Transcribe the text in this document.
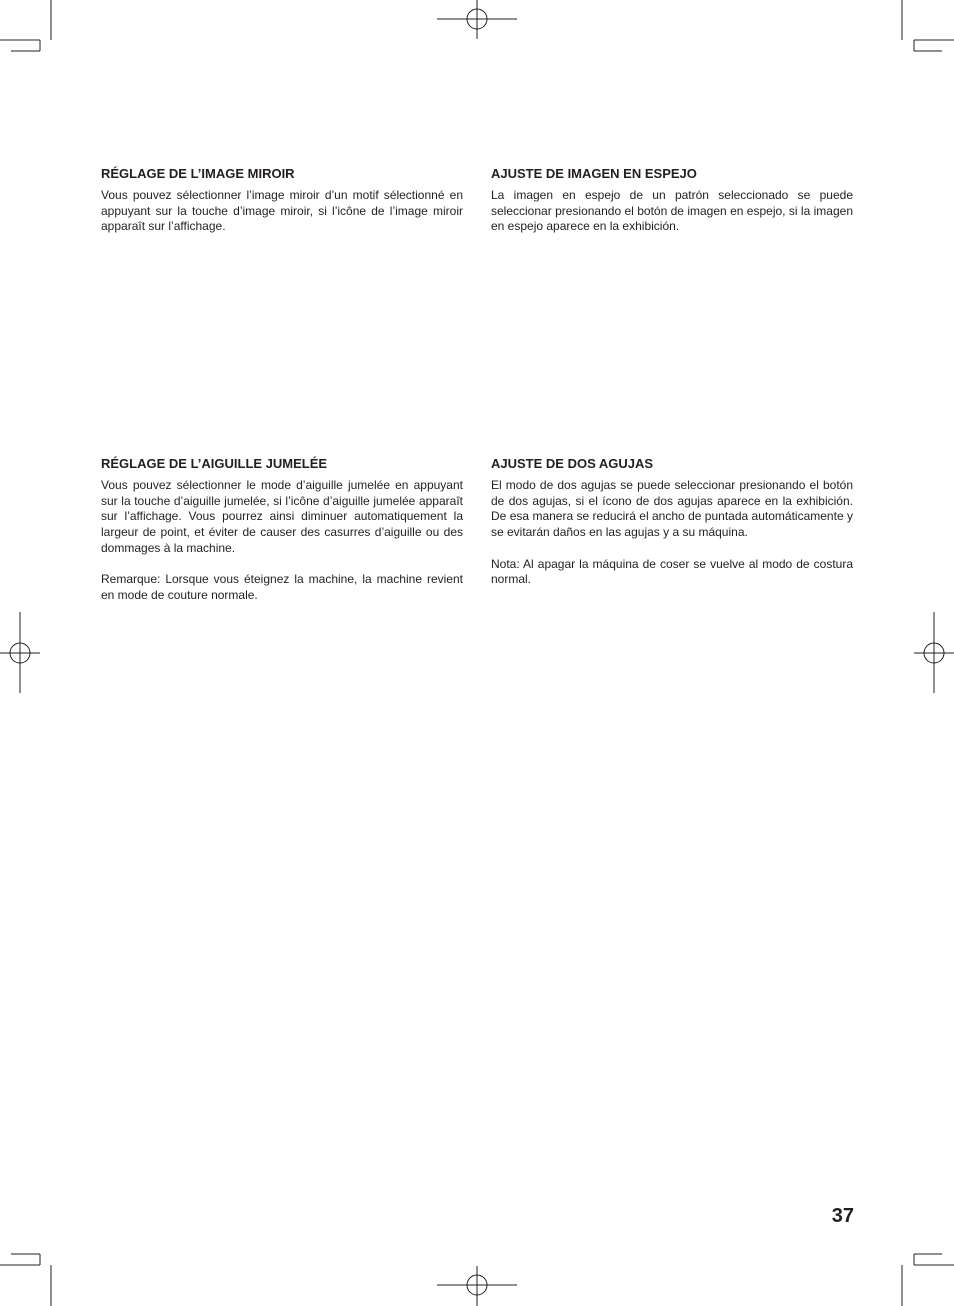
RÉGLAGE DE L’IMAGE MIROIR

Vous pouvez sélectionner l’image miroir d’un motif sélectionné en appuyant sur la touche d’image miroir, si l’icône de l’image miroir apparaît sur l’affichage.

AJUSTE DE IMAGEN EN ESPEJO

La imagen en espejo de un patrón seleccionado se puede seleccionar presionando el botón de imagen en espejo, si la imagen en espejo aparece en la exhibición.

RÉGLAGE DE L’AIGUILLE JUMELÉE

Vous pouvez sélectionner le mode d’aiguille jumelée en appuyant sur la touche d’aiguille jumelée, si l’icône d’aiguille jumelée apparaît sur l’affichage. Vous pourrez ainsi diminuer automatiquement la largeur de point, et éviter de causer des casurres d’aiguille ou des dommages à la machine.

Remarque: Lorsque vous éteignez la machine, la machine revient en mode de couture normale.

AJUSTE DE DOS AGUJAS

El modo de dos agujas se puede seleccionar presionando el botón de dos agujas, si el ícono de dos agujas aparece en la exhibición. De esa manera se reducirá el ancho de puntada automáticamente y se evitarán daños en las agujas y a su máquina.

Nota: Al apagar la máquina de coser se vuelve al modo de costura normal.

37
